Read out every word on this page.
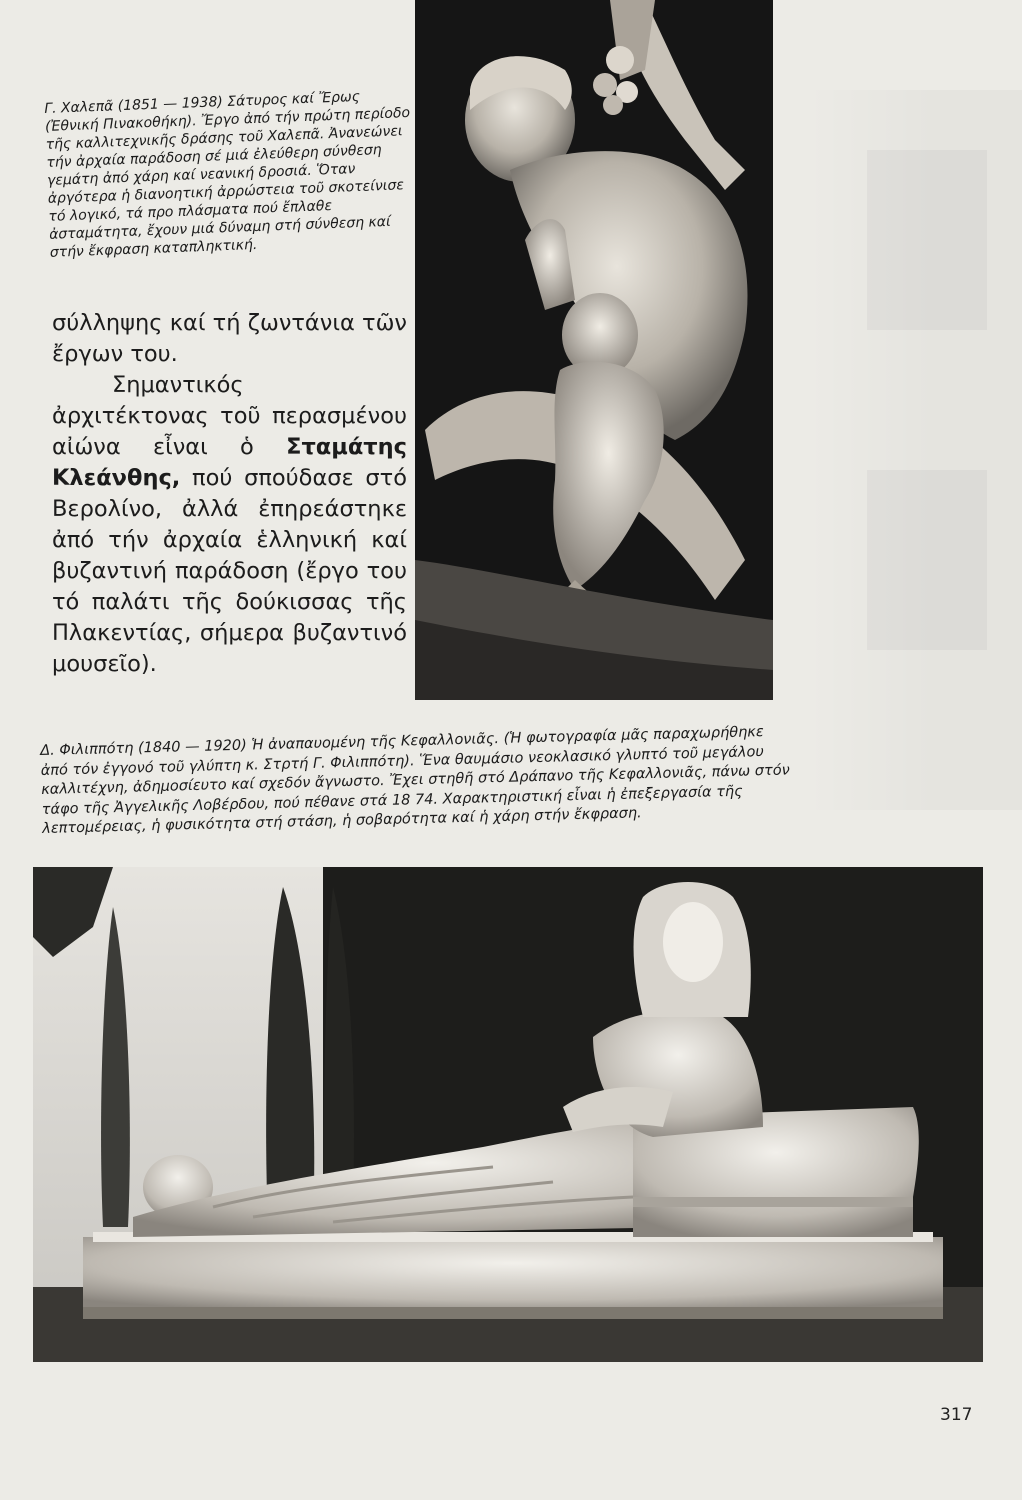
Γ. Χαλεπᾶ (1851 — 1938) Σάτυρος καί Ἔρως (Ἐθνική Πινακοθήκη). Ἔργο ἀπό τήν πρώτη περίοδο τῆς καλλιτεχνικῆς δράσης τοῦ Χαλεπᾶ. Ἀνανεώνει τήν ἀρχαία παράδοση σέ μιά ἐλεύθερη σύνθεση γεμάτη ἀπό χάρη καί νεανική δροσιά. Ὅταν ἀργότερα ἡ διανοητική ἀρρώστεια τοῦ σκοτείνισε τό λογικό, τά προ πλάσματα πού ἔπλαθε ἀσταμάτητα, ἔχουν μιά δύναμη στή σύνθεση καί στήν ἔκφραση καταπληκτική.

σύλληψης καί τή ζωντάνια τῶν ἔργων του.

Σημαντικός ἀρχιτέκτονας τοῦ περασμένου αἰώνα εἶναι ὁ Σταμάτης Κλεάνθης, πού σπούδασε στό Βερολίνο, ἀλλά ἐπηρεάστηκε ἀπό τήν ἀρχαία ἑλληνική καί βυζαντινή παράδοση (ἔργο του τό παλάτι τῆς δούκισσας τῆς Πλακεντίας, σήμερα βυζαντινό μουσεῖο).

Δ. Φιλιππότη (1840 — 1920) Ἡ ἀναπαυομένη τῆς Κεφαλλονιᾶς. (Ἡ φωτογραφία μᾶς παραχωρήθηκε ἀπό τόν ἐγγονό τοῦ γλύπτη κ. Στρτή Γ. Φιλιππότη). Ἕνα θαυμάσιο νεοκλασικό γλυπτό τοῦ μεγάλου καλλιτέχνη, ἀδημοσίευτο καί σχεδόν ἄγνωστο. Ἔχει στηθῆ στό Δράπανο τῆς Κεφαλλονιᾶς, πάνω στόν τάφο τῆς Ἀγγελικῆς Λοβέρδου, πού πέθανε στά 18 74. Χαρακτηριστική εἶναι ἡ ἐπεξεργασία τῆς λεπτομέρειας, ἡ φυσικότητα στή στάση, ἡ σοβαρότητα καί ἡ χάρη στήν ἔκφραση.

317
